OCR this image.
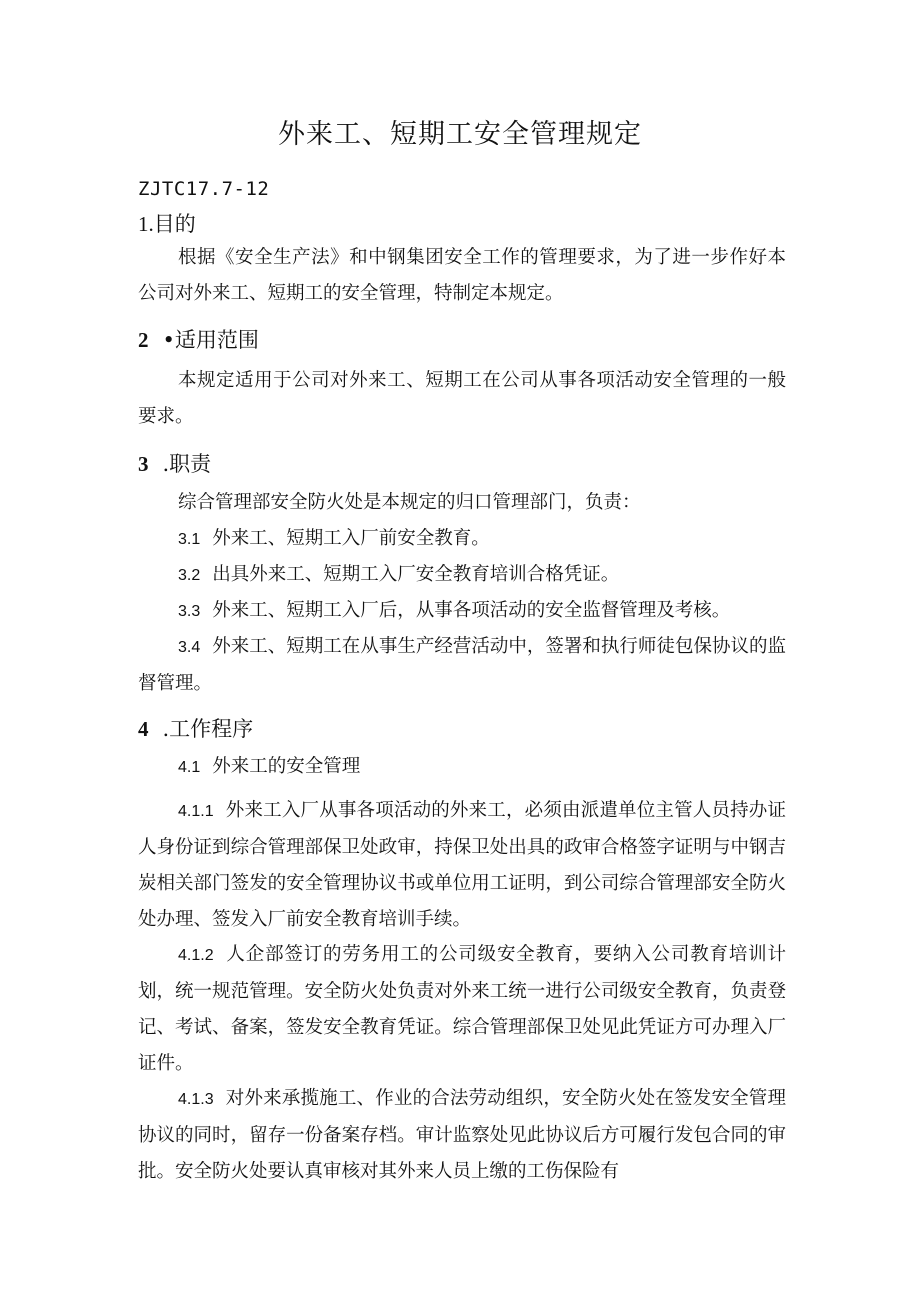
外来工、短期工安全管理规定
ZJTC17.7-12
1.目的
根据《安全生产法》和中钢集团安全工作的管理要求，为了进一步作好本公司对外来工、短期工的安全管理，特制定本规定。
2 •适用范围
本规定适用于公司对外来工、短期工在公司从事各项活动安全管理的一般要求。
3 .职责
综合管理部安全防火处是本规定的归口管理部门，负责：
3.1 外来工、短期工入厂前安全教育。
3.2 出具外来工、短期工入厂安全教育培训合格凭证。
3.3 外来工、短期工入厂后，从事各项活动的安全监督管理及考核。
3.4 外来工、短期工在从事生产经营活动中，签署和执行师徒包保协议的监督管理。
4 .工作程序
4.1 外来工的安全管理
4.1.1 外来工入厂从事各项活动的外来工，必须由派遣单位主管人员持办证人身份证到综合管理部保卫处政审，持保卫处出具的政审合格签字证明与中钢吉炭相关部门签发的安全管理协议书或单位用工证明，到公司综合管理部安全防火处办理、签发入厂前安全教育培训手续。
4.1.2 人企部签订的劳务用工的公司级安全教育，要纳入公司教育培训计划，统一规范管理。安全防火处负责对外来工统一进行公司级安全教育，负责登记、考试、备案，签发安全教育凭证。综合管理部保卫处见此凭证方可办理入厂证件。
4.1.3 对外来承揽施工、作业的合法劳动组织，安全防火处在签发安全管理协议的同时，留存一份备案存档。审计监察处见此协议后方可履行发包合同的审批。安全防火处要认真审核对其外来人员上缴的工伤保险有
